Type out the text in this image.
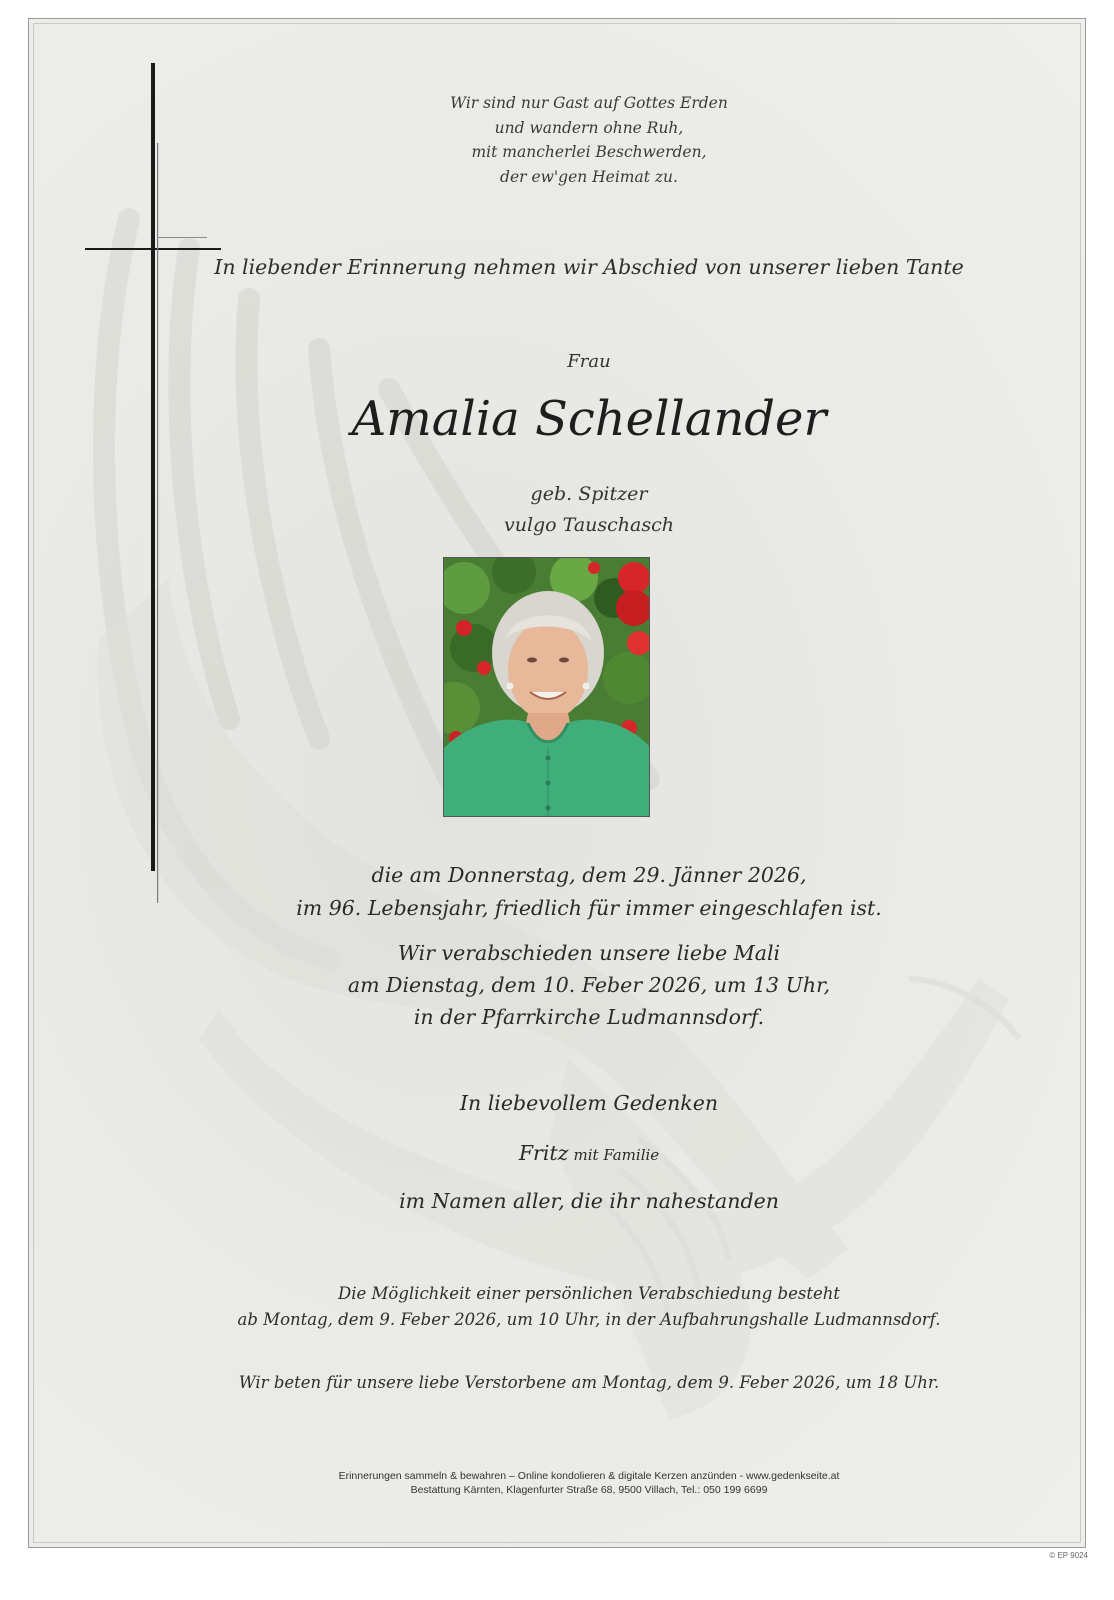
Wir sind nur Gast auf Gottes Erden
und wandern ohne Ruh,
mit mancherlei Beschwerden,
der ew'gen Heimat zu.
In liebender Erinnerung nehmen wir Abschied von unserer lieben Tante
Frau
Amalia Schellander
geb. Spitzer
vulgo Tauschasch
die am Donnerstag, dem 29. Jänner 2026,
im 96. Lebensjahr, friedlich für immer eingeschlafen ist.
Wir verabschieden unsere liebe Mali
am Dienstag, dem 10. Feber 2026, um 13 Uhr,
in der Pfarrkirche Ludmannsdorf.
In liebevollem Gedenken
Fritz mit Familie
im Namen aller, die ihr nahestanden
Die Möglichkeit einer persönlichen Verabschiedung besteht
ab Montag, dem 9. Feber 2026, um 10 Uhr, in der Aufbahrungshalle Ludmannsdorf.
Wir beten für unsere liebe Verstorbene am Montag, dem 9. Feber 2026, um 18 Uhr.
Erinnerungen sammeln & bewahren – Online kondolieren & digitale Kerzen anzünden - www.gedenkseite.at
Bestattung Kärnten, Klagenfurter Straße 68, 9500 Villach, Tel.: 050 199 6699
© EP 9024
